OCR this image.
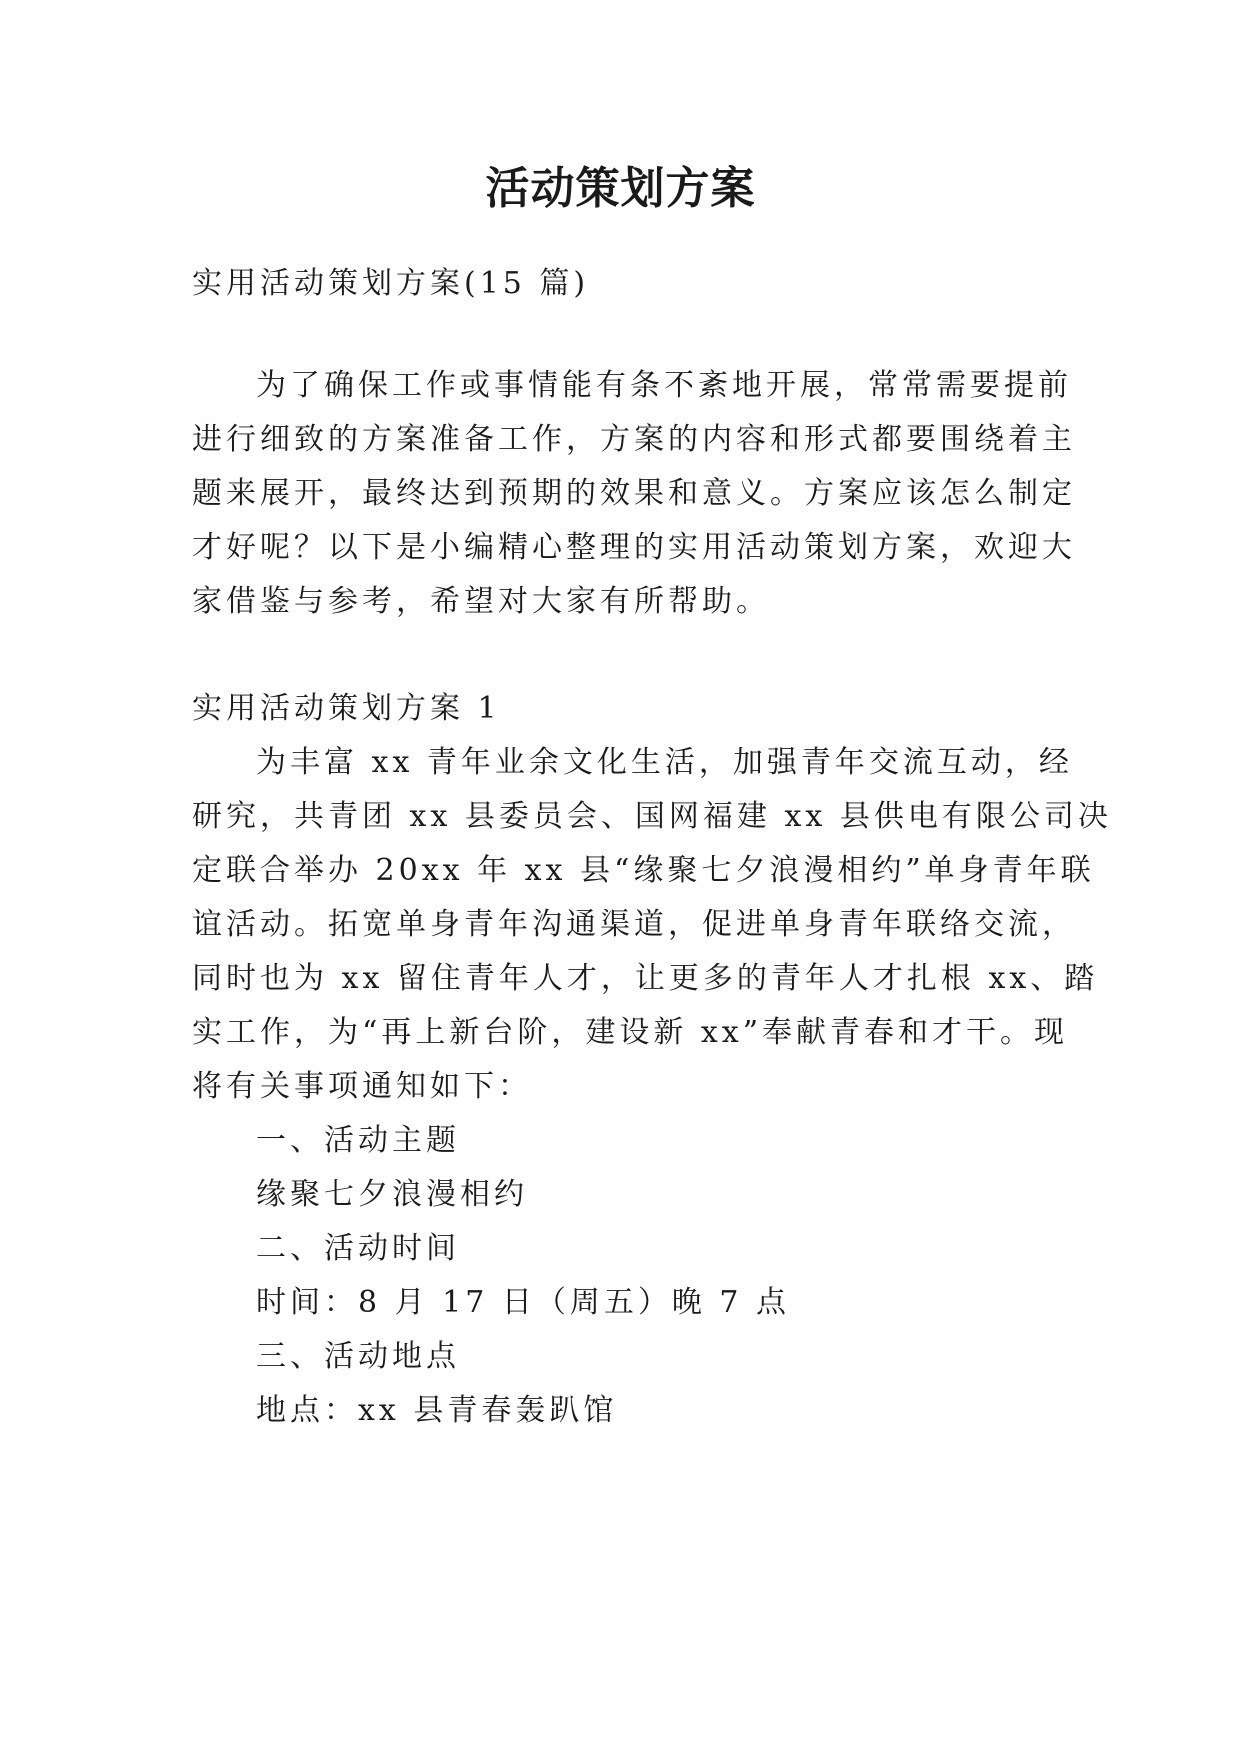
活动策划方案
实用活动策划方案(15 篇)
为了确保工作或事情能有条不紊地开展，常常需要提前
进行细致的方案准备工作，方案的内容和形式都要围绕着主
题来展开，最终达到预期的效果和意义。方案应该怎么制定
才好呢？以下是小编精心整理的实用活动策划方案，欢迎大
家借鉴与参考，希望对大家有所帮助。
实用活动策划方案 1
为丰富 xx 青年业余文化生活，加强青年交流互动，经
研究，共青团 xx 县委员会、国网福建 xx 县供电有限公司决
定联合举办 20xx 年 xx 县“缘聚七夕浪漫相约”单身青年联
谊活动。拓宽单身青年沟通渠道，促进单身青年联络交流，
同时也为 xx 留住青年人才，让更多的青年人才扎根 xx、踏
实工作，为“再上新台阶，建设新 xx”奉献青春和才干。现
将有关事项通知如下：
一、活动主题
缘聚七夕浪漫相约
二、活动时间
时间：8 月 17 日（周五）晚 7 点
三、活动地点
地点：xx 县青春轰趴馆
